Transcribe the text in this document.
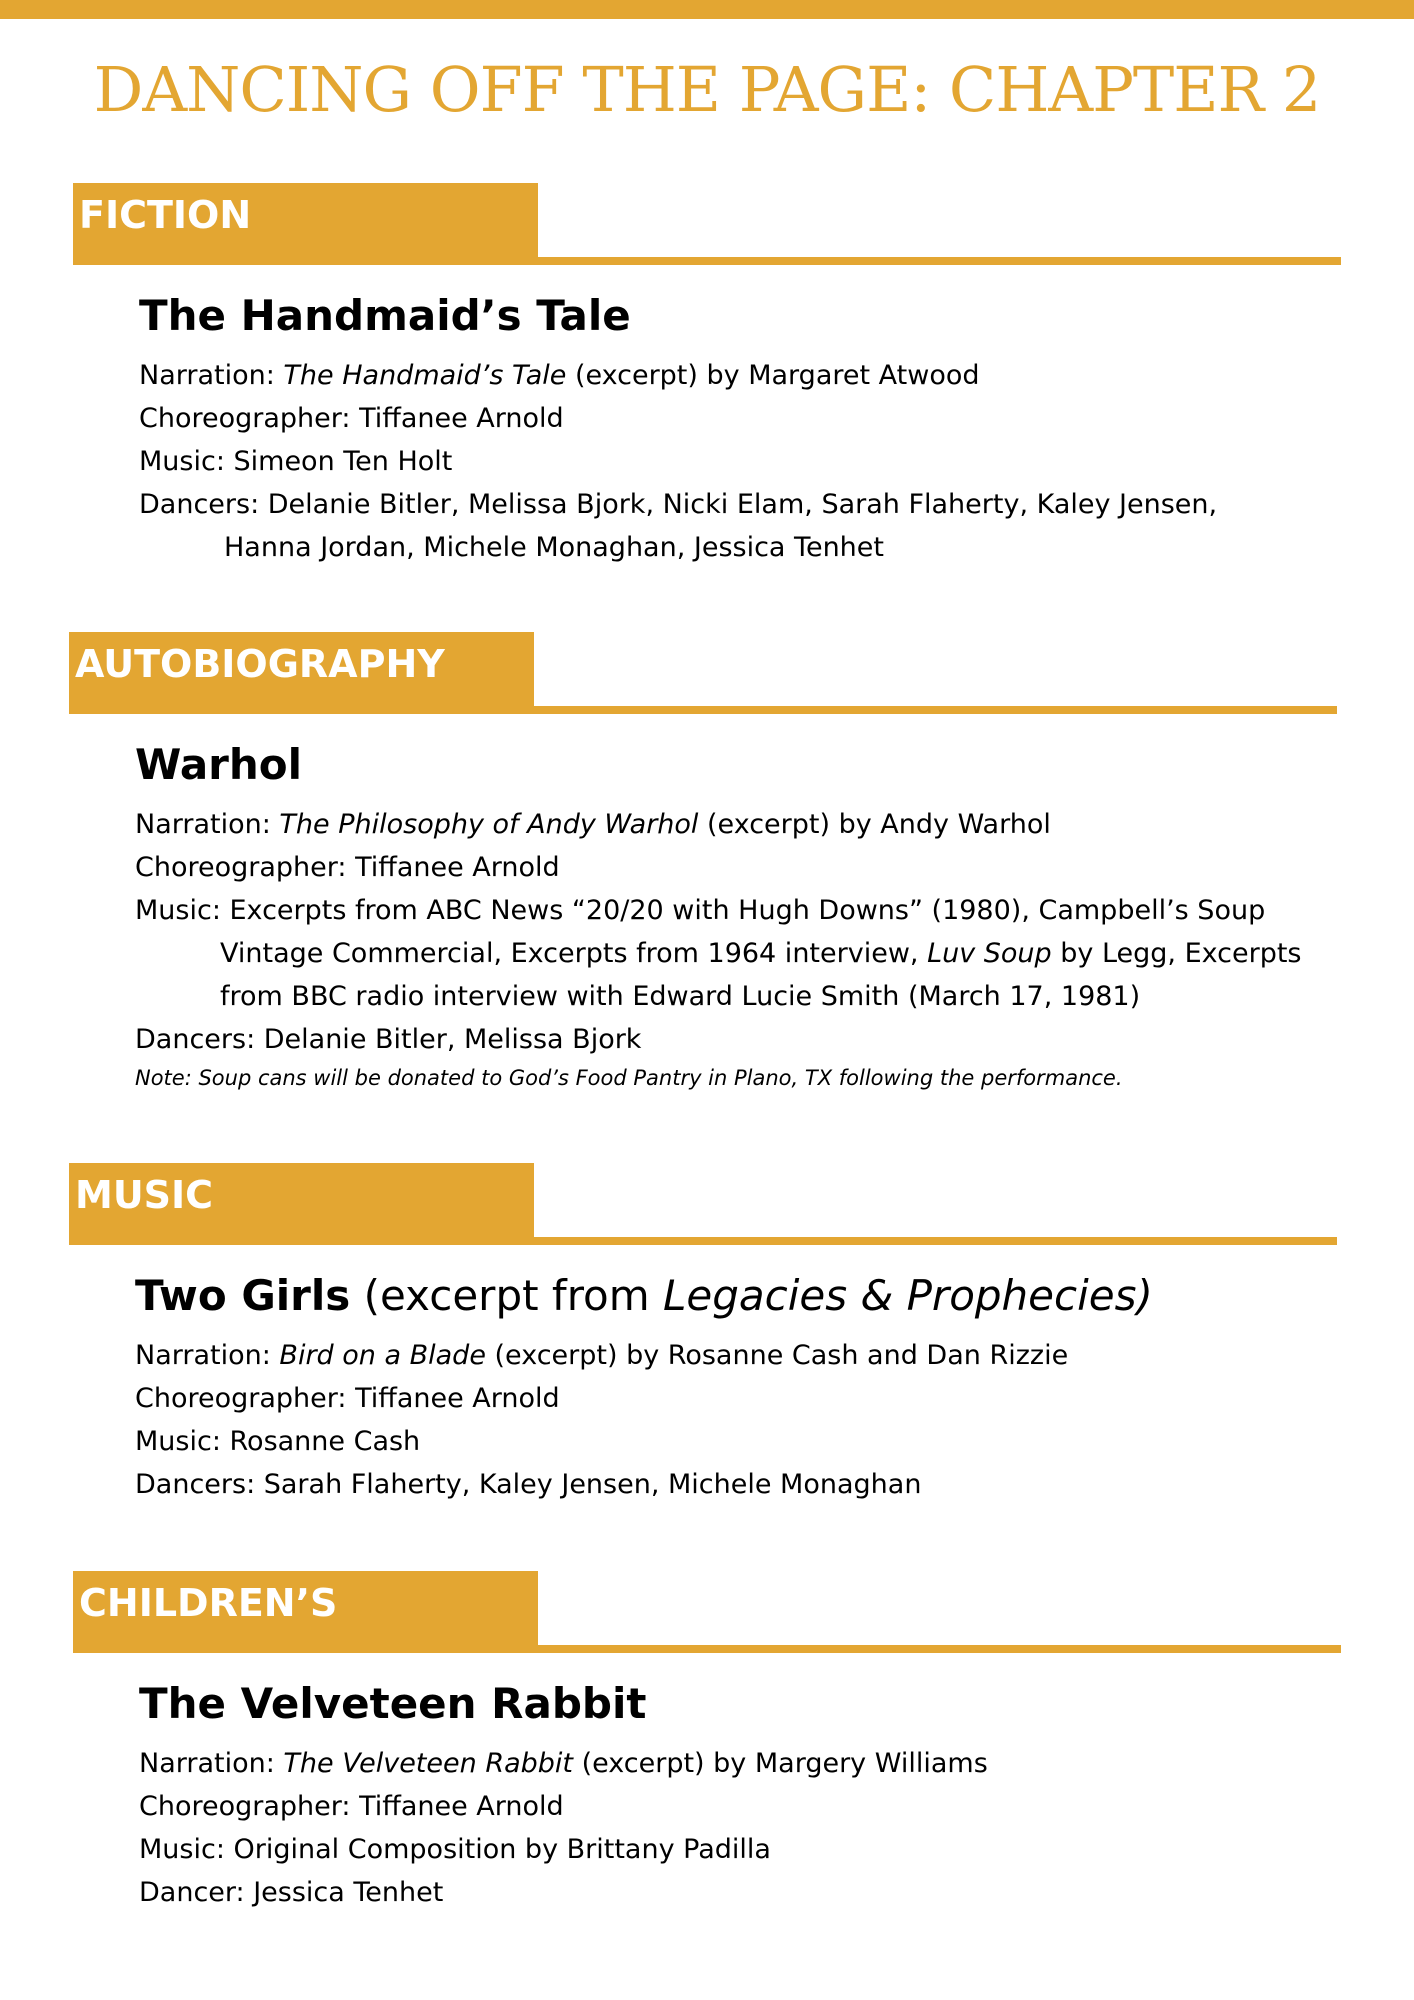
DANCING OFF THE PAGE: CHAPTER 2
FICTION
The Handmaid’s Tale
Narration: The Handmaid’s Tale (excerpt) by Margaret Atwood
Choreographer: Tiffanee Arnold
Music: Simeon Ten Holt
Dancers: Delanie Bitler, Melissa Bjork, Nicki Elam, Sarah Flaherty, Kaley Jensen,
Hanna Jordan, Michele Monaghan, Jessica Tenhet
AUTOBIOGRAPHY
Warhol
Narration: The Philosophy of Andy Warhol (excerpt) by Andy Warhol
Choreographer: Tiffanee Arnold
Music: Excerpts from ABC News “20/20 with Hugh Downs” (1980), Campbell’s Soup
Vintage Commercial, Excerpts from 1964 interview, Luv Soup by Legg, Excerpts
from BBC radio interview with Edward Lucie Smith (March 17, 1981)
Dancers: Delanie Bitler, Melissa Bjork
Note: Soup cans will be donated to God’s Food Pantry in Plano, TX following the performance.
MUSIC
Two Girls (excerpt from Legacies & Prophecies)
Narration: Bird on a Blade (excerpt) by Rosanne Cash and Dan Rizzie
Choreographer: Tiffanee Arnold
Music: Rosanne Cash
Dancers: Sarah Flaherty, Kaley Jensen, Michele Monaghan
CHILDREN’S
The Velveteen Rabbit
Narration: The Velveteen Rabbit (excerpt) by Margery Williams
Choreographer: Tiffanee Arnold
Music: Original Composition by Brittany Padilla
Dancer: Jessica Tenhet
